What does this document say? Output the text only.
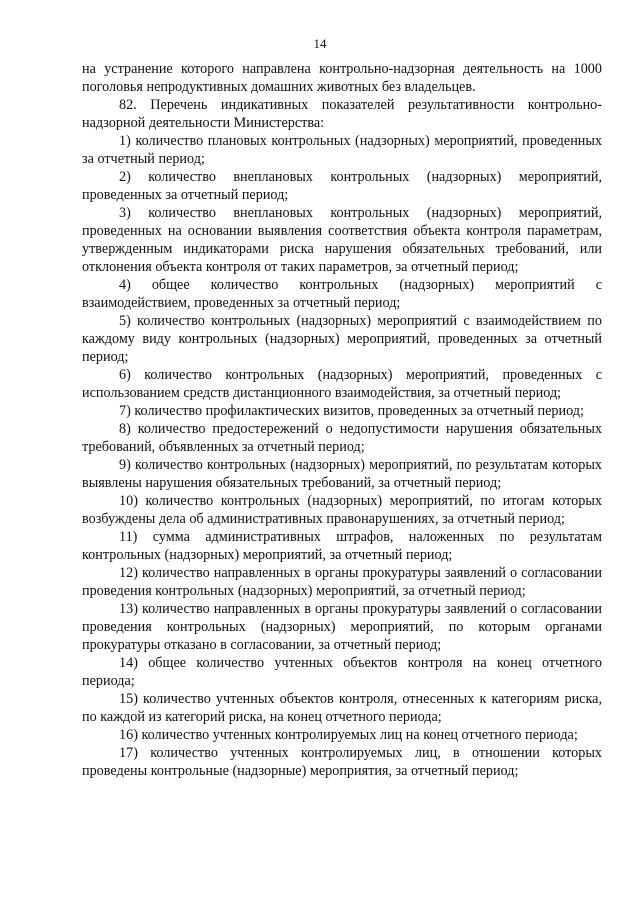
14

на устранение которого направлена контрольно-надзорная деятельность на 1000 поголовья непродуктивных домашних животных без владельцев.

82. Перечень индикативных показателей результативности контрольно-надзорной деятельности Министерства:

1) количество плановых контрольных (надзорных) мероприятий, проведенных за отчетный период;

2) количество внеплановых контрольных (надзорных) мероприятий, проведенных за отчетный период;

3) количество внеплановых контрольных (надзорных) мероприятий, проведенных на основании выявления соответствия объекта контроля параметрам, утвержденным индикаторами риска нарушения обязательных требований, или отклонения объекта контроля от таких параметров, за отчетный период;

4) общее количество контрольных (надзорных) мероприятий с взаимодействием, проведенных за отчетный период;

5) количество контрольных (надзорных) мероприятий с взаимодействием по каждому виду контрольных (надзорных) мероприятий, проведенных за отчетный период;

6) количество контрольных (надзорных) мероприятий, проведенных с использованием средств дистанционного взаимодействия, за отчетный период;

7) количество профилактических визитов, проведенных за отчетный период;

8) количество предостережений о недопустимости нарушения обязательных требований, объявленных за отчетный период;

9) количество контрольных (надзорных) мероприятий, по результатам которых выявлены нарушения обязательных требований, за отчетный период;

10) количество контрольных (надзорных) мероприятий, по итогам которых возбуждены дела об административных правонарушениях, за отчетный период;

11) сумма административных штрафов, наложенных по результатам контрольных (надзорных) мероприятий, за отчетный период;

12) количество направленных в органы прокуратуры заявлений о согласовании проведения контрольных (надзорных) мероприятий, за отчетный период;

13) количество направленных в органы прокуратуры заявлений о согласовании проведения контрольных (надзорных) мероприятий, по которым органами прокуратуры отказано в согласовании, за отчетный период;

14) общее количество учтенных объектов контроля на конец отчетного периода;

15) количество учтенных объектов контроля, отнесенных к категориям риска, по каждой из категорий риска, на конец отчетного периода;

16) количество учтенных контролируемых лиц на конец отчетного периода;

17) количество учтенных контролируемых лиц, в отношении которых проведены контрольные (надзорные) мероприятия, за отчетный период;
